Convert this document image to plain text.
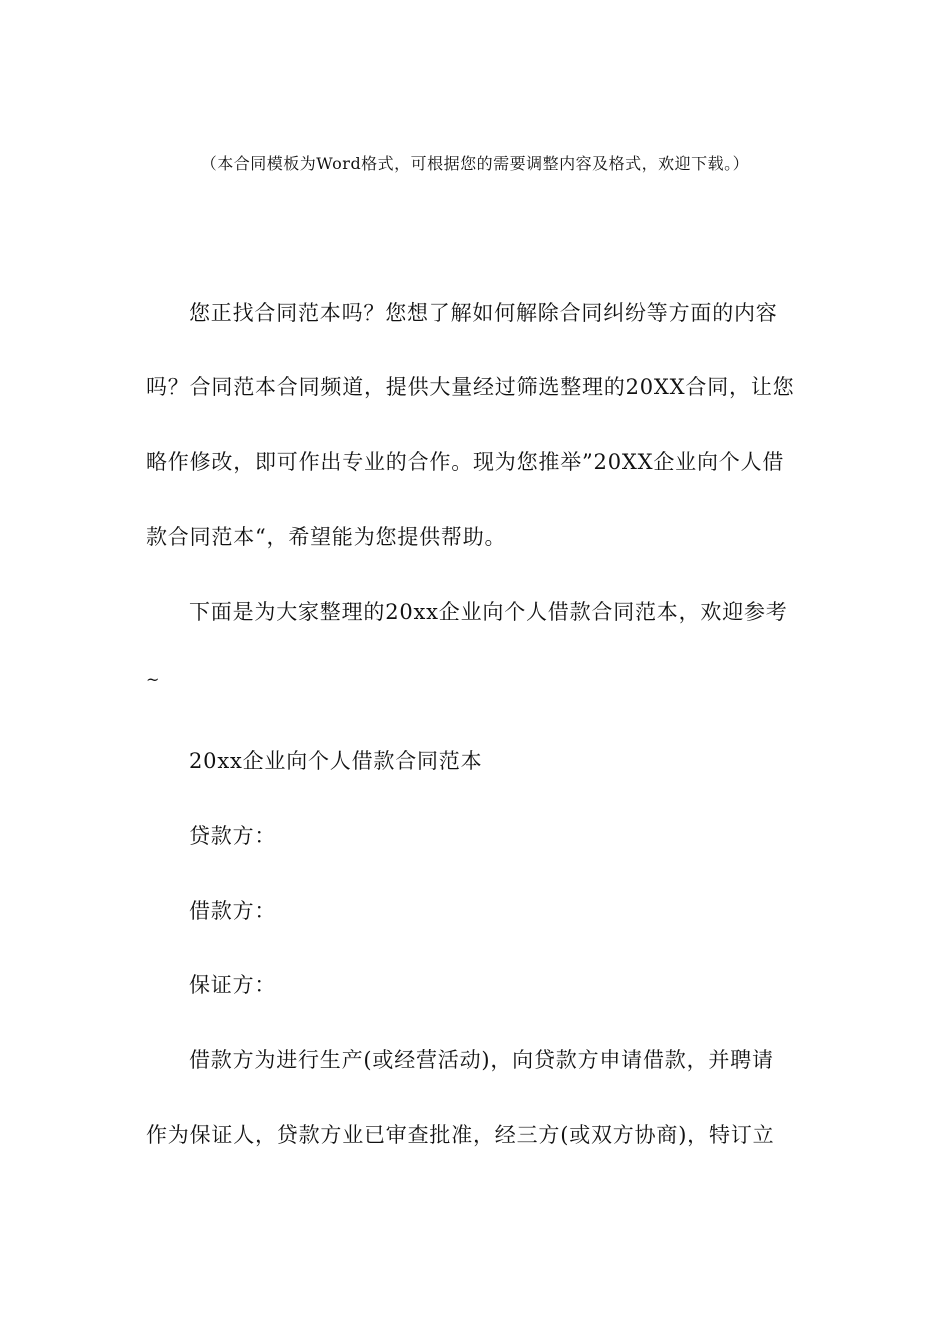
（本合同模板为Word格式，可根据您的需要调整内容及格式，欢迎下载。）
您正找合同范本吗？您想了解如何解除合同纠纷等方面的内容
吗？合同范本合同频道，提供大量经过筛选整理的20XX合同，让您
略作修改，即可作出专业的合作。现为您推举”20XX企业向个人借
款合同范本“，希望能为您提供帮助。
下面是为大家整理的20xx企业向个人借款合同范本，欢迎参考
~
20xx企业向个人借款合同范本
贷款方：
借款方：
保证方：
借款方为进行生产(或经营活动)，向贷款方申请借款，并聘请
作为保证人，贷款方业已审查批准，经三方(或双方协商)，特订立
